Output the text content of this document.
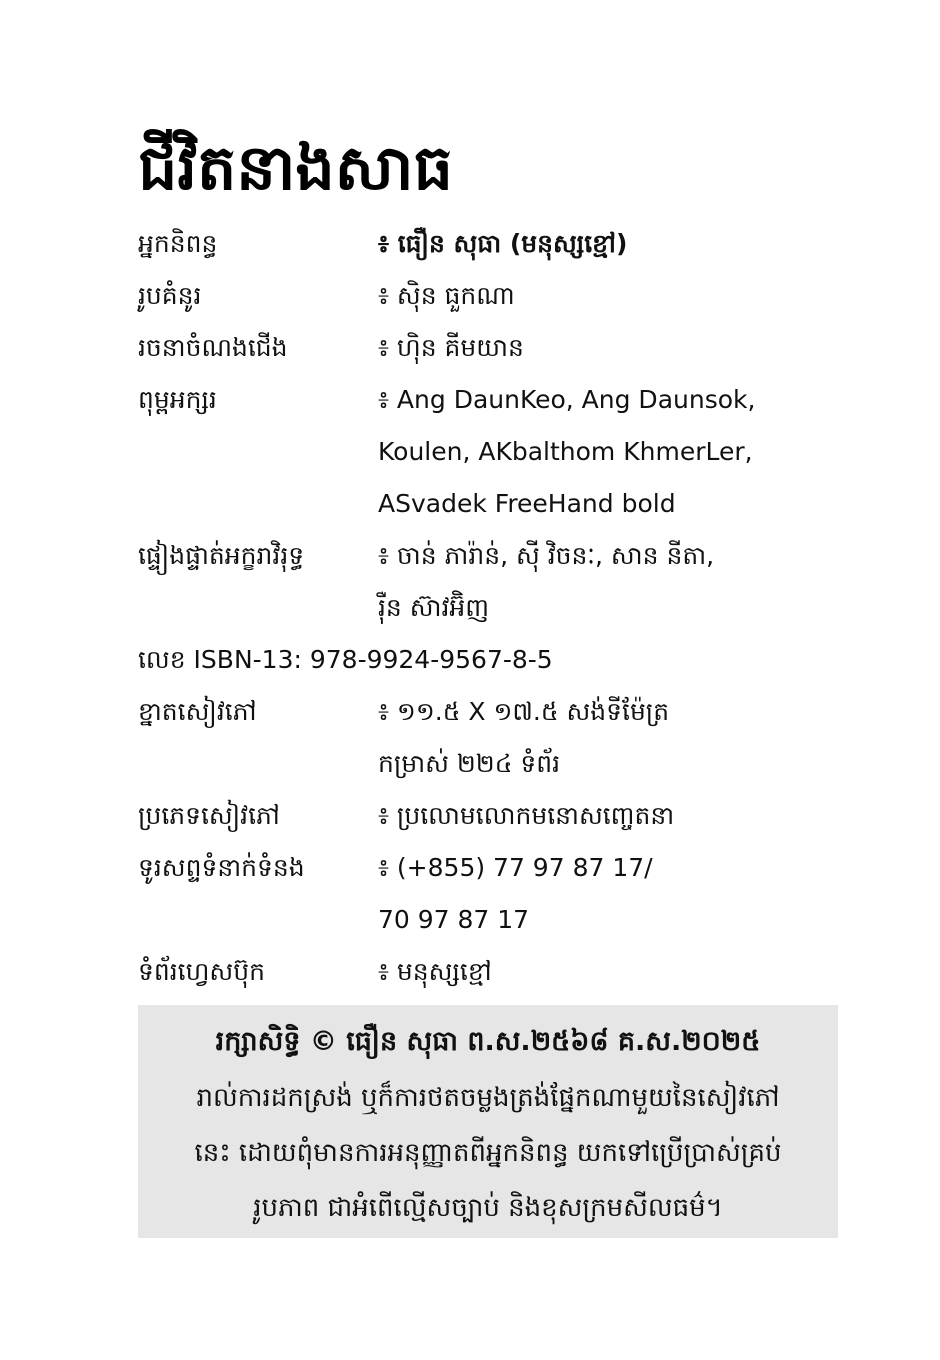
ជីវិតនាងសាធ
អ្នកនិពន្ធ	៖ ធឿន សុធា (មនុស្សខ្មៅ)
រូបគំនូរ	៖ ស៊ិន ធួកណា
រចនាចំណងជើង	៖ ហ៊ិន គីមយាន
ពុម្ពអក្សរ	៖ Ang DaunKeo, Ang Daunsok,
Koulen, AKbalthom KhmerLer,
ASvadek FreeHand bold
ផ្ទៀងផ្ទាត់អក្ខរាវិរុទ្ធ	៖ ចាន់ ភារ៉ាន់, ស៊ី វិចនៈ, សាន នីតា,
រ៉ឺន ស៊ាវអ៊ិញ
លេខ ISBN-13: 978-9924-9567-8-5
ខ្នាតសៀវភៅ	៖ ១១.៥ X ១៧.៥ សង់ទីម៉ែត្រ
កម្រាស់ ២២៤ ទំព័រ
ប្រភេទសៀវភៅ	៖ ប្រលោមលោកមនោសញ្ចេតនា
ទូរសព្ទទំនាក់ទំនង	៖ (+855) 77 97 87 17/
70 97 87 17
ទំព័រហ្វេសប៊ុក	៖ មនុស្សខ្មៅ
រក្សាសិទ្ធិ © ធឿន សុធា ព.ស.២៥៦៨ គ.ស.២០២៥
រាល់ការដកស្រង់ ឬក៏ការថតចម្លងត្រង់ផ្នែកណាមួយនៃសៀវភៅ
នេះ ដោយពុំមានការអនុញ្ញាតពីអ្នកនិពន្ធ យកទៅប្រើប្រាស់គ្រប់
រូបភាព ជាអំពើល្មើសច្បាប់ និងខុសក្រមសីលធម៌។
